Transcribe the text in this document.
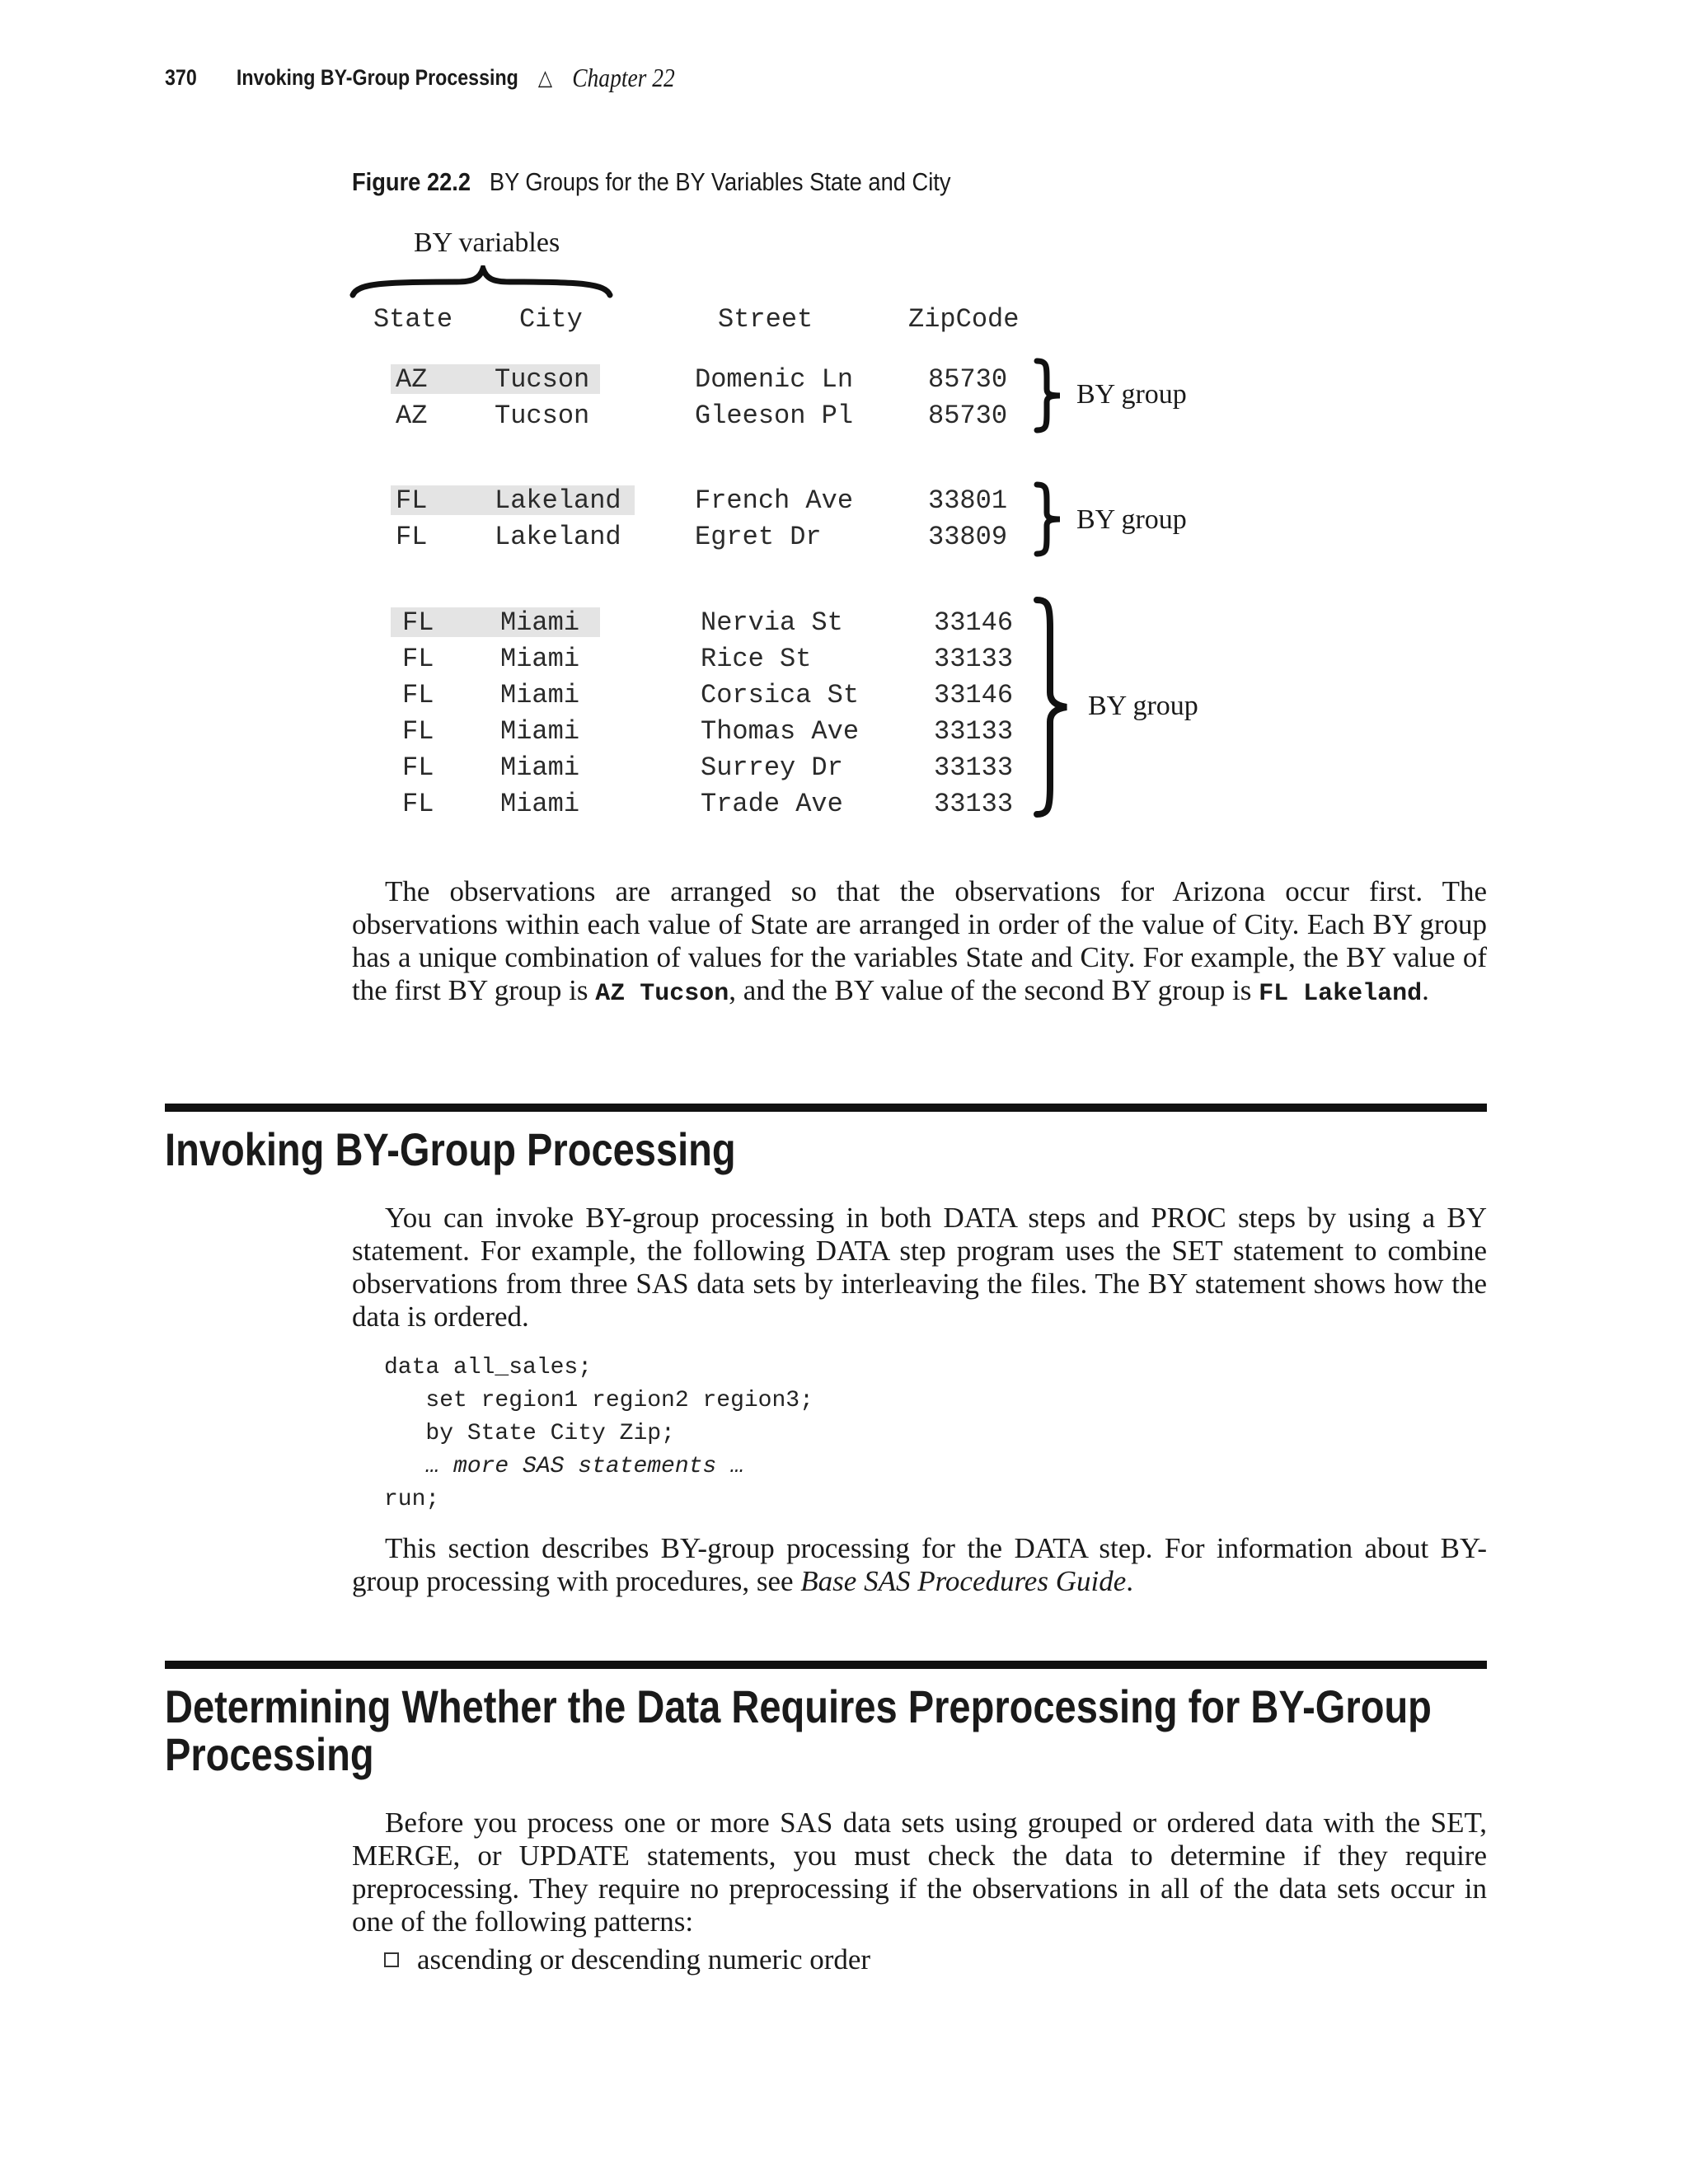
370 Invoking BY-Group Processing △ Chapter 22
Figure 22.2 BY Groups for the BY Variables State and City
BY variables
State	City	Street	ZipCode
AZ	Tucson	Domenic Ln	85730
AZ	Tucson	Gleeson Pl	85730
BY group
FL	Lakeland	French Ave	33801
FL	Lakeland	Egret Dr	33809
BY group
FL	Miami	Nervia St	33146
FL	Miami	Rice St	33133
FL	Miami	Corsica St	33146
FL	Miami	Thomas Ave	33133
FL	Miami	Surrey Dr	33133
FL	Miami	Trade Ave	33133
BY group
The observations are arranged so that the observations for Arizona occur first. The observations within each value of State are arranged in order of the value of City. Each BY group has a unique combination of values for the variables State and City. For example, the BY value of the first BY group is AZ Tucson, and the BY value of the second BY group is FL Lakeland.
Invoking BY-Group Processing
You can invoke BY-group processing in both DATA steps and PROC steps by using a BY statement. For example, the following DATA step program uses the SET statement to combine observations from three SAS data sets by interleaving the files. The BY statement shows how the data is ordered.
data all_sales;
set region1 region2 region3;
by State City Zip;
… more SAS statements …
run;
This section describes BY-group processing for the DATA step. For information about BY-group processing with procedures, see Base SAS Procedures Guide.
Determining Whether the Data Requires Preprocessing for BY-Group
Processing
Before you process one or more SAS data sets using grouped or ordered data with the SET, MERGE, or UPDATE statements, you must check the data to determine if they require preprocessing. They require no preprocessing if the observations in all of the data sets occur in one of the following patterns:
ascending or descending numeric order
